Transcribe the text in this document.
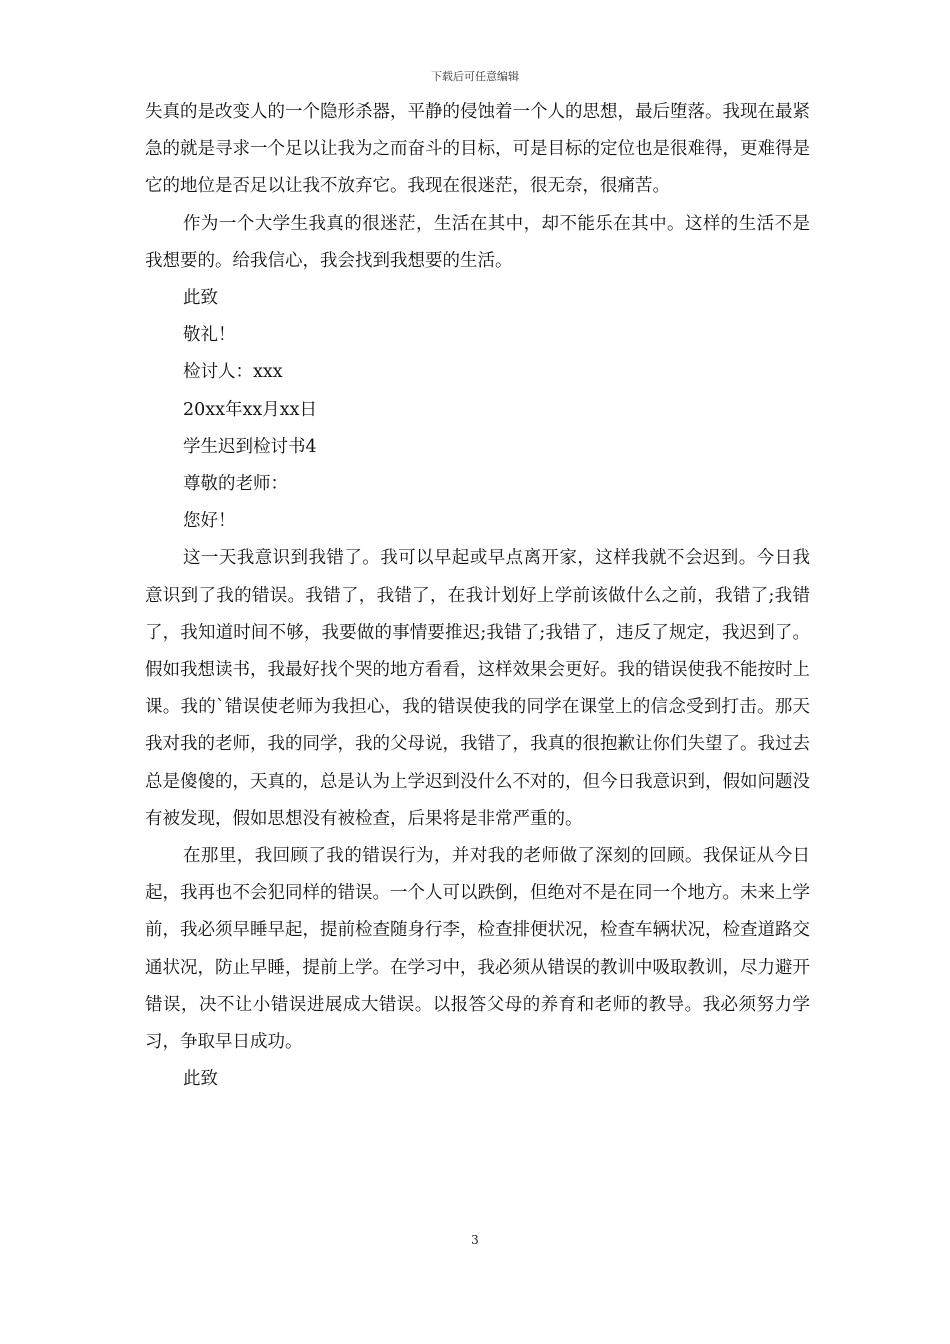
下载后可任意编辑

失真的是改变人的一个隐形杀器，平静的侵蚀着一个人的思想，最后堕落。我现在最紧急的就是寻求一个足以让我为之而奋斗的目标，可是目标的定位也是很难得，更难得是它的地位是否足以让我不放弃它。我现在很迷茫，很无奈，很痛苦。

作为一个大学生我真的很迷茫，生活在其中，却不能乐在其中。这样的生活不是我想要的。给我信心，我会找到我想要的生活。

此致

敬礼！

检讨人：xxx

20xx年xx月xx日

学生迟到检讨书4

尊敬的老师：

您好！

这一天我意识到我错了。我可以早起或早点离开家，这样我就不会迟到。今日我意识到了我的错误。我错了，我错了，在我计划好上学前该做什么之前，我错了;我错了，我知道时间不够，我要做的事情要推迟;我错了;我错了，违反了规定，我迟到了。假如我想读书，我最好找个哭的地方看看，这样效果会更好。我的错误使我不能按时上课。我的`错误使老师为我担心，我的错误使我的同学在课堂上的信念受到打击。那天我对我的老师，我的同学，我的父母说，我错了，我真的很抱歉让你们失望了。我过去总是傻傻的，天真的，总是认为上学迟到没什么不对的，但今日我意识到，假如问题没有被发现，假如思想没有被检查，后果将是非常严重的。

在那里，我回顾了我的错误行为，并对我的老师做了深刻的回顾。我保证从今日起，我再也不会犯同样的错误。一个人可以跌倒，但绝对不是在同一个地方。未来上学前，我必须早睡早起，提前检查随身行李，检查排便状况，检查车辆状况，检查道路交通状况，防止早睡，提前上学。在学习中，我必须从错误的教训中吸取教训，尽力避开错误，决不让小错误进展成大错误。以报答父母的养育和老师的教导。我必须努力学习，争取早日成功。

此致

3
